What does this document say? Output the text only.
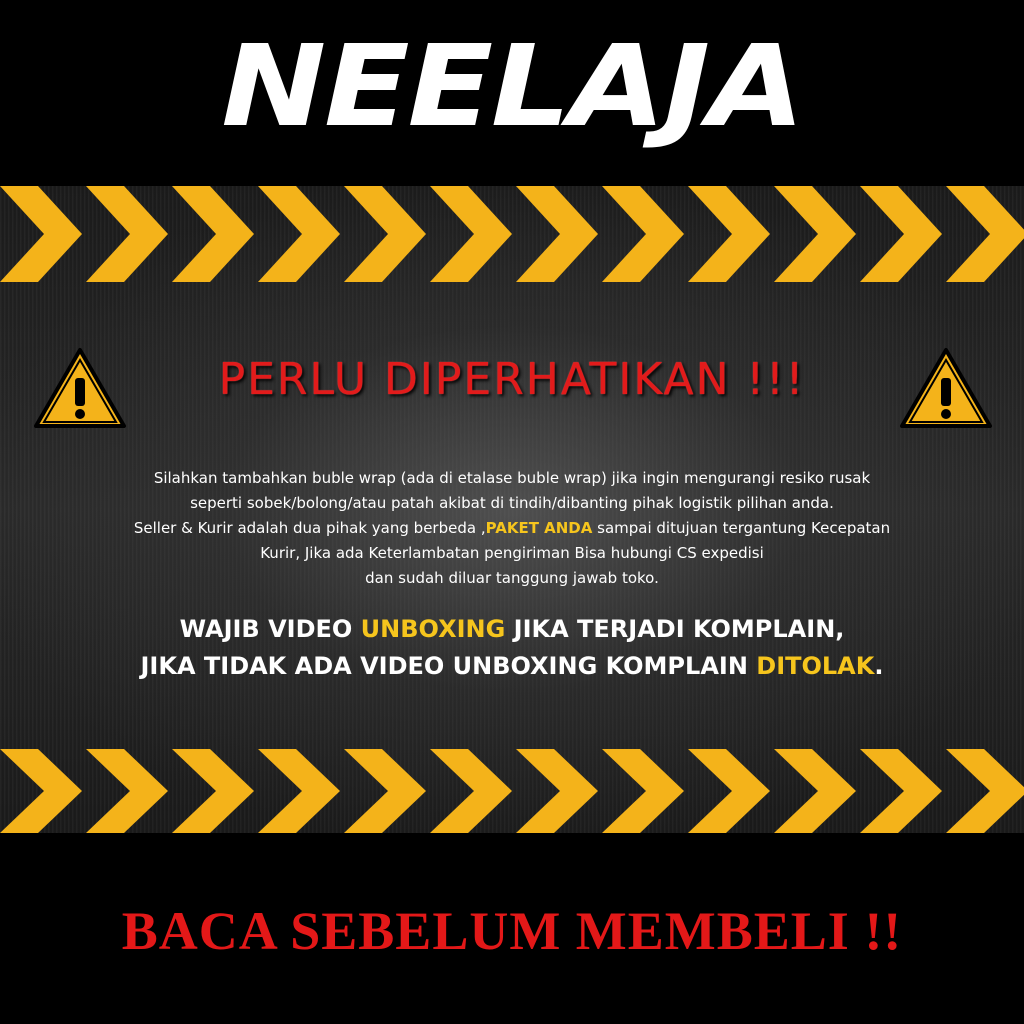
NEELAJA
PERLU DIPERHATIKAN !!!
Silahkan tambahkan buble wrap (ada di etalase buble wrap) jika ingin mengurangi resiko rusak
seperti sobek/bolong/atau patah akibat di tindih/dibanting pihak logistik pilihan anda.
Seller & Kurir adalah dua pihak yang berbeda ,PAKET ANDA sampai ditujuan tergantung Kecepatan
Kurir, Jika ada Keterlambatan pengiriman Bisa hubungi CS expedisi
dan sudah diluar tanggung jawab toko.
WAJIB VIDEO UNBOXING JIKA TERJADI KOMPLAIN,
JIKA TIDAK ADA VIDEO UNBOXING KOMPLAIN DITOLAK.
BACA SEBELUM MEMBELI !!
